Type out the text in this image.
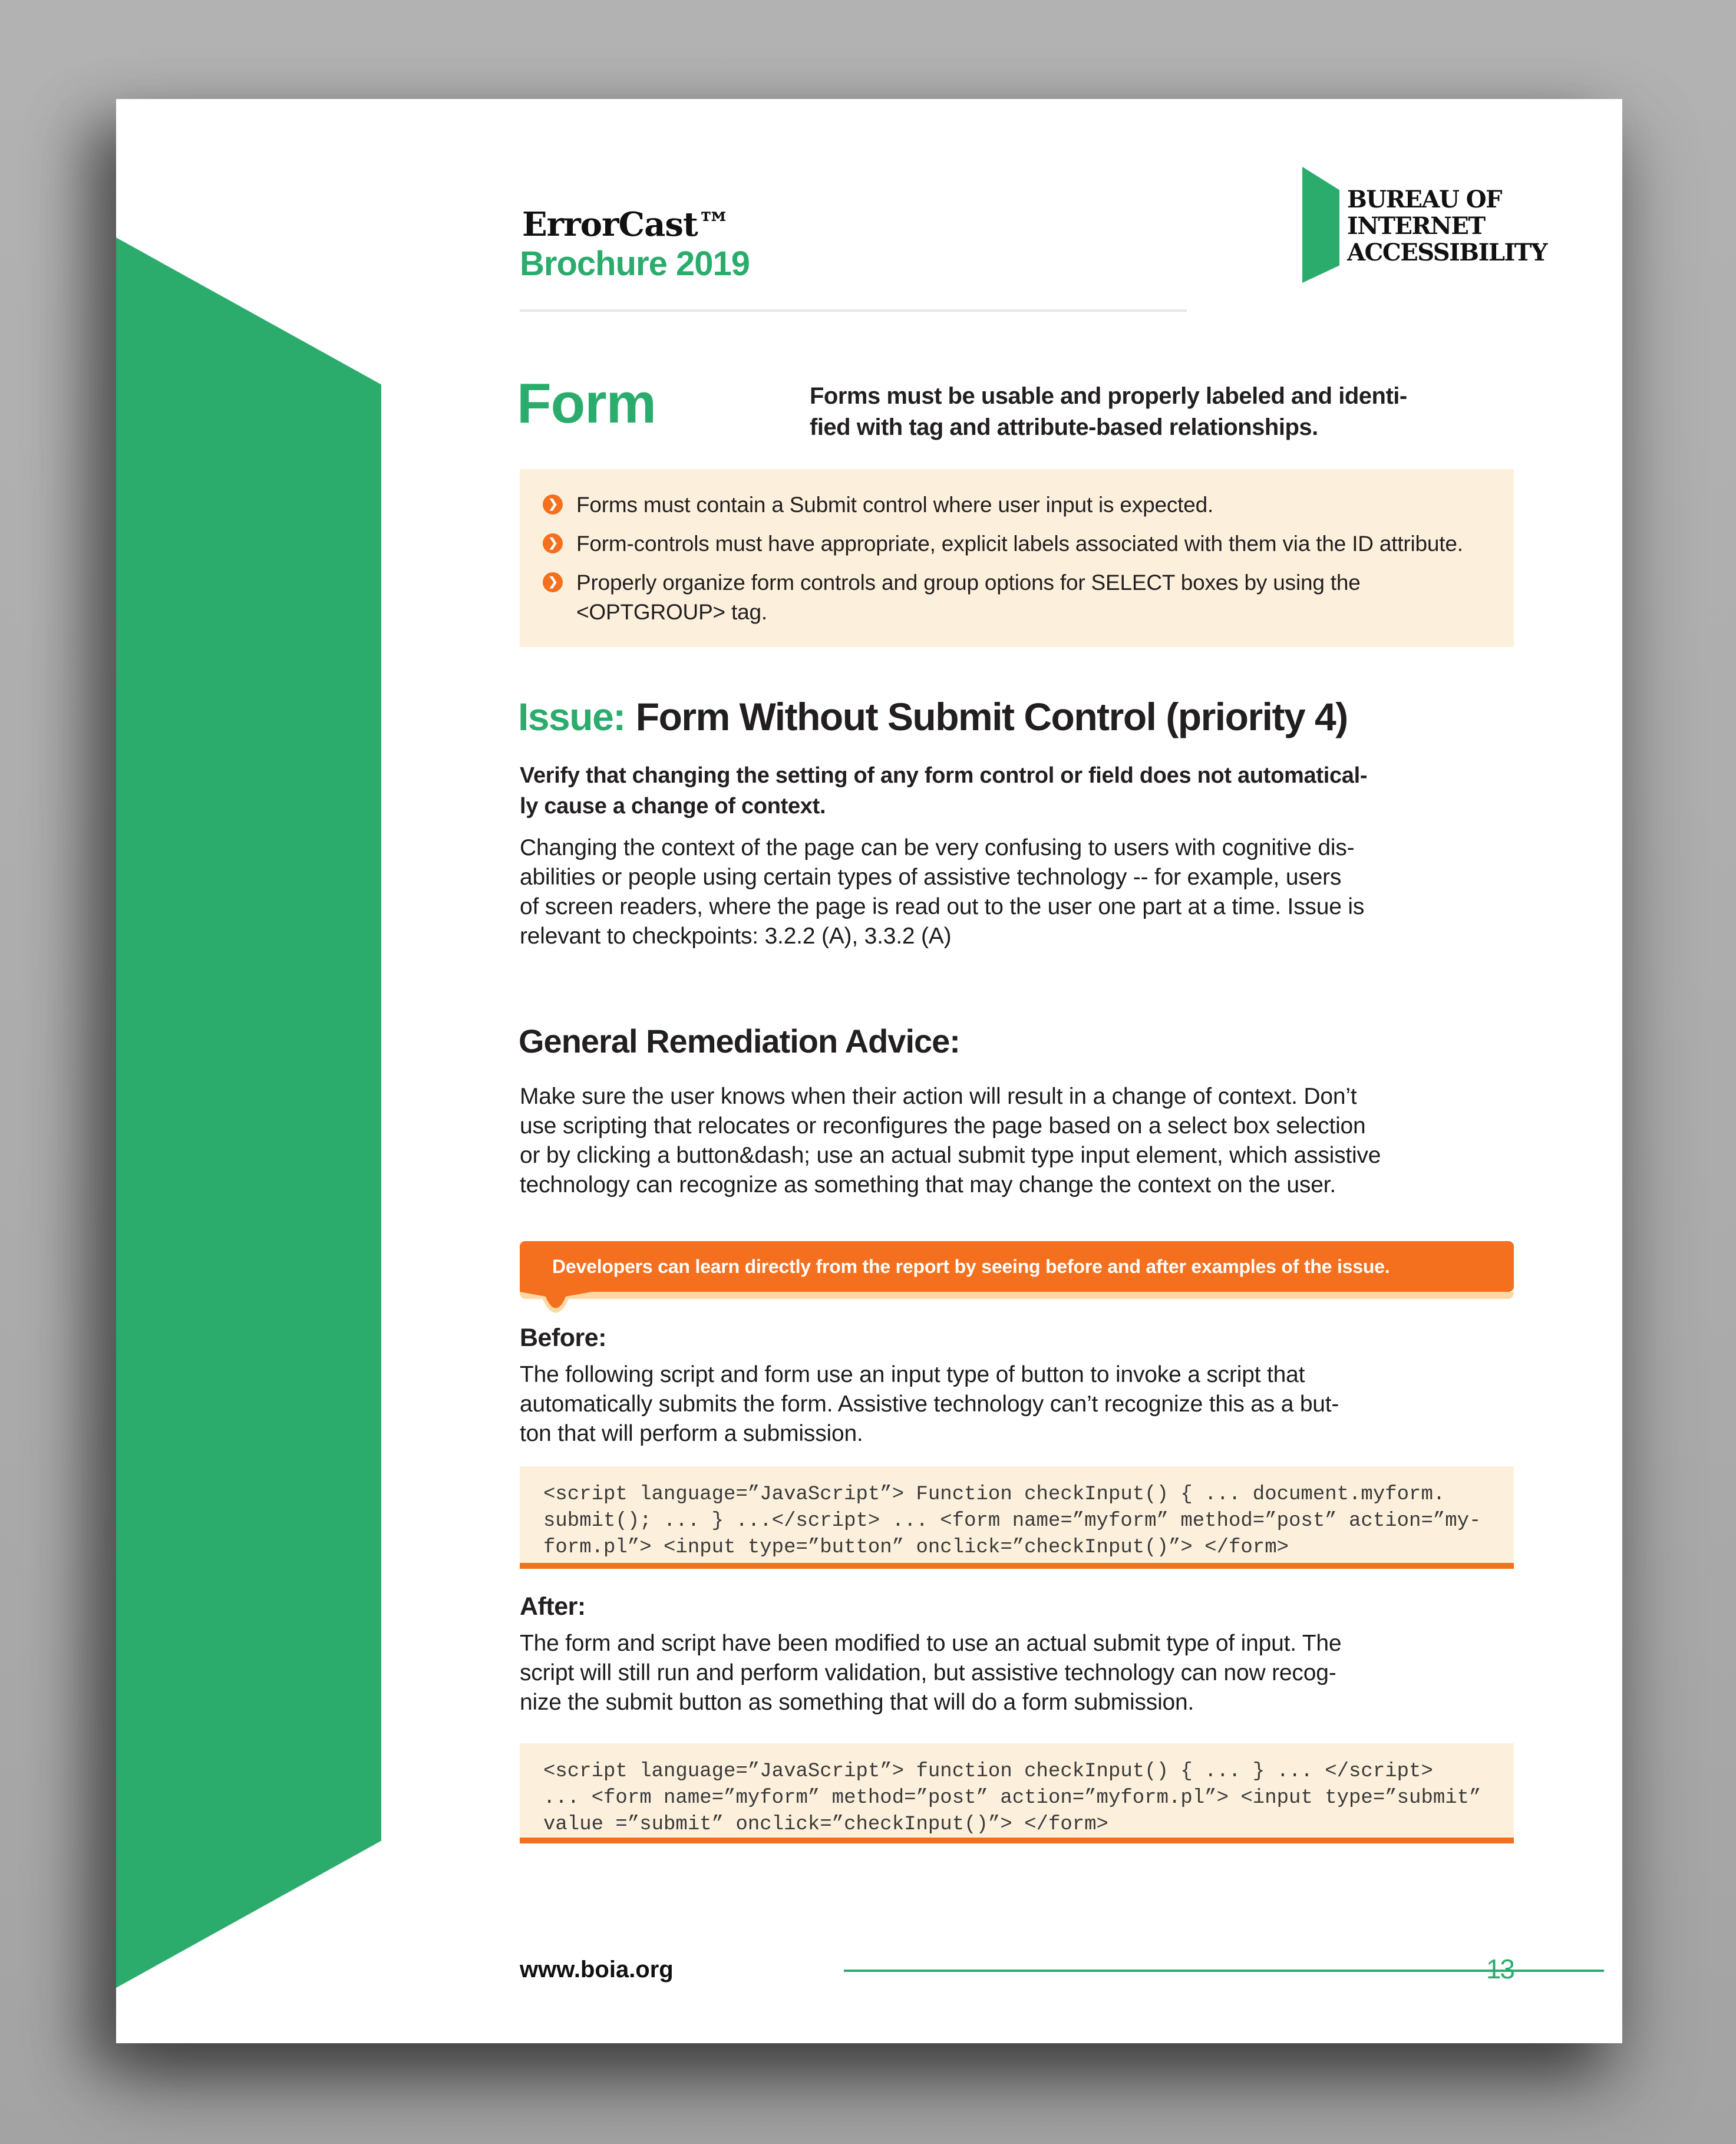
ErrorCast™
Brochure 2019
BUREAU OF
INTERNET
ACCESSIBILITY
Form	Forms must be usable and properly labeled and identi-
fied with tag and attribute-based relationships.
❯
Forms must contain a Submit control where user input is expected.
❯
Form-controls must have appropriate, explicit labels associated with them via the ID attribute.
❯
Properly organize form controls and group options for SELECT boxes by using the <OPTGROUP> tag.
Issue: Form Without Submit Control (priority 4)
Verify that changing the setting of any form control or field does not automatical-
ly cause a change of context.
Changing the context of the page can be very confusing to users with cognitive dis-
abilities or people using certain types of assistive technology -- for example, users
of screen readers, where the page is read out to the user one part at a time. Issue is
relevant to checkpoints: 3.2.2 (A), 3.3.2 (A)
General Remediation Advice:
Make sure the user knows when their action will result in a change of context. Don’t
use scripting that relocates or reconfigures the page based on a select box selection
or by clicking a button&dash; use an actual submit type input element, which assistive
technology can recognize as something that may change the context on the user.
Developers can learn directly from the report by seeing before and after examples of the issue.
Before:
The following script and form use an input type of button to invoke a script that
automatically submits the form. Assistive technology can’t recognize this as a but-
ton that will perform a submission.
<script language=”JavaScript”> Function checkInput() { ... document.myform.
submit(); ... } ...</script> ... <form name=”myform” method=”post” action=”my-
form.pl”> <input type=”button” onclick=”checkInput()”> </form>
After:
The form and script have been modified to use an actual submit type of input. The
script will still run and perform validation, but assistive technology can now recog-
nize the submit button as something that will do a form submission.
<script language=”JavaScript”> function checkInput() { ... } ... </script>
... <form name=”myform” method=”post” action=”myform.pl”> <input type=”submit”
value =”submit” onclick=”checkInput()”> </form>
www.boia.org	13
